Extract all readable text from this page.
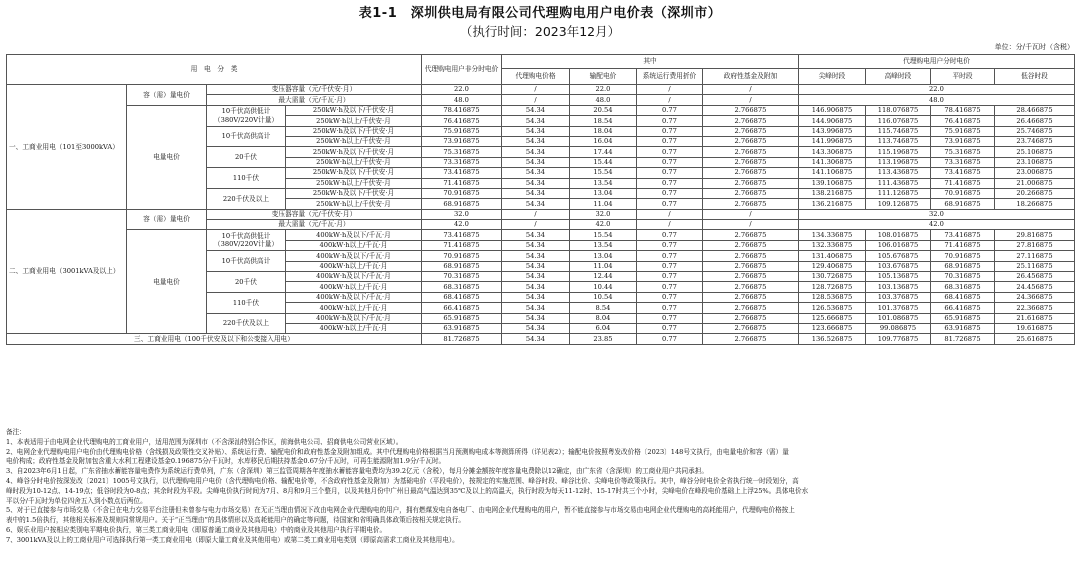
表1-1　深圳供电局有限公司代理购电用户电价表（深圳市）
（执行时间：2023年12月）
单位：分/千瓦时（含税）
用　电　分　类				代理购电用户非分时电价	其中				代理购电用户分时电价			
					代理购电价格	输配电价	系统运行费用折价	政府性基金及附加	尖峰时段	高峰时段	平时段	低谷时段
一、工商业用电（101至3000kVA）	容（需）量电价	变压器容量（元/千伏安·月）		22.0	/	22.0	/	/	22.0			
		最大需量（元/千瓦·月）		48.0	/	48.0	/	/	48.0			
	电量电价	10千伏高供低计（380V/220V计量）	250kW·h及以下/千伏安·月	78.416875	54.34	20.54	0.77	2.766875	146.906875	118.076875	78.416875	28.466875
			250kW·h以上/千伏安·月	76.416875	54.34	18.54	0.77	2.766875	144.906875	116.076875	76.416875	26.466875
		10千伏高供高计	250kW·h及以下/千伏安·月	75.916875	54.34	18.04	0.77	2.766875	143.996875	115.746875	75.916875	25.746875
			250kW·h以上/千伏安·月	73.916875	54.34	16.04	0.77	2.766875	141.996875	113.746875	73.916875	23.746875
		20千伏	250kW·h及以下/千伏安·月	75.316875	54.34	17.44	0.77	2.766875	143.306875	115.196875	75.316875	25.106875
			250kW·h以上/千伏安·月	73.316875	54.34	15.44	0.77	2.766875	141.306875	113.196875	73.316875	23.106875
		110千伏	250kW·h及以下/千伏安·月	73.416875	54.34	15.54	0.77	2.766875	141.106875	113.436875	73.416875	23.006875
			250kW·h以上/千伏安·月	71.416875	54.34	13.54	0.77	2.766875	139.106875	111.436875	71.416875	21.006875
		220千伏及以上	250kW·h及以下/千伏安·月	70.916875	54.34	13.04	0.77	2.766875	138.216875	111.126875	70.916875	20.266875
			250kW·h以上/千伏安·月	68.916875	54.34	11.04	0.77	2.766875	136.216875	109.126875	68.916875	18.266875
二、工商业用电（3001kVA及以上）	容（需）量电价	变压器容量（元/千伏安·月）		32.0	/	32.0	/	/	32.0			
		最大需量（元/千瓦·月）		42.0	/	42.0	/	/	42.0			
	电量电价	10千伏高供低计（380V/220V计量）	400kW·h及以下/千瓦·月	73.416875	54.34	15.54	0.77	2.766875	134.336875	108.016875	73.416875	29.816875
			400kW·h以上/千瓦·月	71.416875	54.34	13.54	0.77	2.766875	132.336875	106.016875	71.416875	27.816875
		10千伏高供高计	400kW·h及以下/千瓦·月	70.916875	54.34	13.04	0.77	2.766875	131.406875	105.676875	70.916875	27.116875
			400kW·h以上/千瓦·月	68.916875	54.34	11.04	0.77	2.766875	129.406875	103.676875	68.916875	25.116875
		20千伏	400kW·h及以下/千瓦·月	70.316875	54.34	12.44	0.77	2.766875	130.726875	105.136875	70.316875	26.456875
			400kW·h以上/千瓦·月	68.316875	54.34	10.44	0.77	2.766875	128.726875	103.136875	68.316875	24.456875
		110千伏	400kW·h及以下/千瓦·月	68.416875	54.34	10.54	0.77	2.766875	128.536875	103.376875	68.416875	24.366875
			400kW·h以上/千瓦·月	66.416875	54.34	8.54	0.77	2.766875	126.536875	101.376875	66.416875	22.366875
		220千伏及以上	400kW·h及以下/千瓦·月	65.916875	54.34	8.04	0.77	2.766875	125.666875	101.086875	65.916875	21.616875
			400kW·h以上/千瓦·月	63.916875	54.34	6.04	0.77	2.766875	123.666875	99.086875	63.916875	19.616875
三、工商业用电（100千伏安及以下和公变接入用电）				81.726875	54.34	23.85	0.77	2.766875	136.526875	109.776875	81.726875	25.616875
备注：
1、本表适用于由电网企业代理购电的工商业用户，适用范围为深圳市（不含深汕特别合作区，前海供电公司、招商供电公司营业区域）。
2、电网企业代理购电用户电价由代理购电价格（含线损及政策性交叉补贴）、系统运行费、输配电价和政府性基金及附加组成。其中代理购电价格根据当月预测购电成本等测算所得（详见表2）；输配电价按照粤发改价格〔2023〕148号文执行，由电量电价和容（需）量
电价构成；政府性基金及附加包含重大水利工程建设基金0.196875分/千瓦时，水库移民后期扶持基金0.67分/千瓦时，可再生能源附加1.9分/千瓦时。
3、自2023年6月1日起，广东省抽水蓄能容量电费作为系统运行费单列，广东（含深圳）第三监管周期各年度抽水蓄能容量电费均为39.2亿元（含税），每月分摊金额按年度容量电费除以12确定，由广东省（含深圳）的工商业用户共同承担。
4、峰谷分时电价按深发改〔2021〕1005号文执行，以代理购电用户电价（含代理购电价格、输配电价等，不含政府性基金及附加）为基础电价（平段电价），按规定的实施范围、峰谷时段、峰谷比价、尖峰电价等政策执行。其中，峰谷分时电价全省执行统一时段划分，高
峰时段为10-12点、14-19点；低谷时段为0-8点；其余时段为平段。尖峰电价执行时间为7月、8月和9月三个整月，以及其他月份中广州日最高气温达到35℃及以上的高温天，执行时段为每天11-12时、15-17时共三个小时，尖峰电价在峰段电价基础上上浮25%。具体电价水
平以分/千瓦时为单位四舍五入到小数点后两位。
5、对于已直接参与市场交易（不含已在电力交易平台注册但未曾参与电力市场交易）在无正当理由情况下改由电网企业代理购电的用户，拥有燃煤发电自备电厂、由电网企业代理购电的用户，暂不能直接参与市场交易由电网企业代理购电的高耗能用户，代理购电价格按上
表中的1.5倍执行，其他相关标准及规则同常规用户。关于“正当理由”的具体情形以及高耗能用户的确定等问题，待国家和省明确具体政策后按相关规定执行。
6、娱乐业用户按相应类别电平期电价执行，第三类工商业用电（即原普通工商业及其他用电）中的商业及其他用户执行平期电价。
7、3001kVA及以上的工商业用户可选择执行第一类工商业用电（即原大量工商业及其他用电）或第二类工商业用电类别（即原高需求工商业及其他用电）。
